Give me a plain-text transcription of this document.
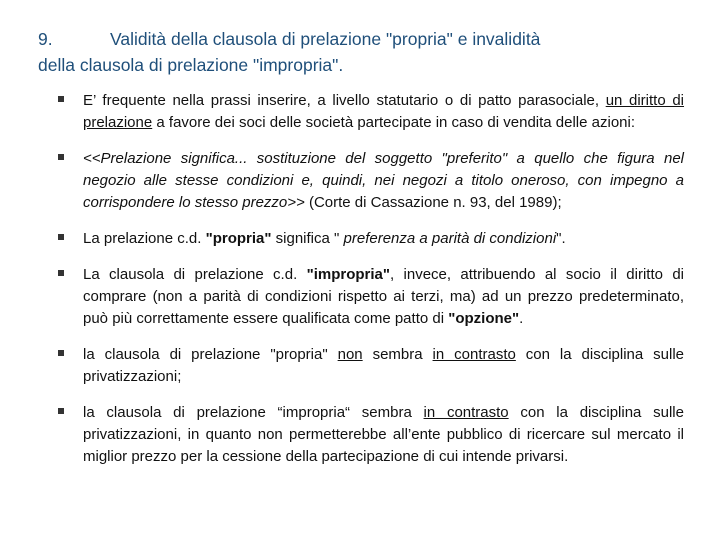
9.	Validità della clausola di prelazione "propria" e invalidità
della clausola di prelazione "impropria".
E’ frequente nella prassi inserire, a livello statutario o di patto parasociale, un diritto di prelazione a favore dei soci delle società partecipate in caso di vendita delle azioni:
<<Prelazione significa... sostituzione del soggetto "preferito" a quello che figura nel negozio alle stesse condizioni e, quindi, nei negozi a titolo oneroso, con impegno a corrispondere lo stesso prezzo>> (Corte di Cassazione n. 93, del 1989);
La prelazione c.d. "propria" significa " preferenza a parità di condizioni".
La clausola di prelazione c.d. "impropria", invece, attribuendo al socio il diritto di comprare (non a parità di condizioni rispetto ai terzi, ma) ad un prezzo predeterminato, può più correttamente essere qualificata come patto di "opzione".
la clausola di prelazione "propria" non sembra in contrasto con la disciplina sulle privatizzazioni;
la clausola di prelazione “impropria“ sembra in contrasto con la disciplina sulle privatizzazioni, in quanto non permetterebbe all’ente pubblico di ricercare sul mercato il miglior prezzo per la cessione della partecipazione di cui intende privarsi.
